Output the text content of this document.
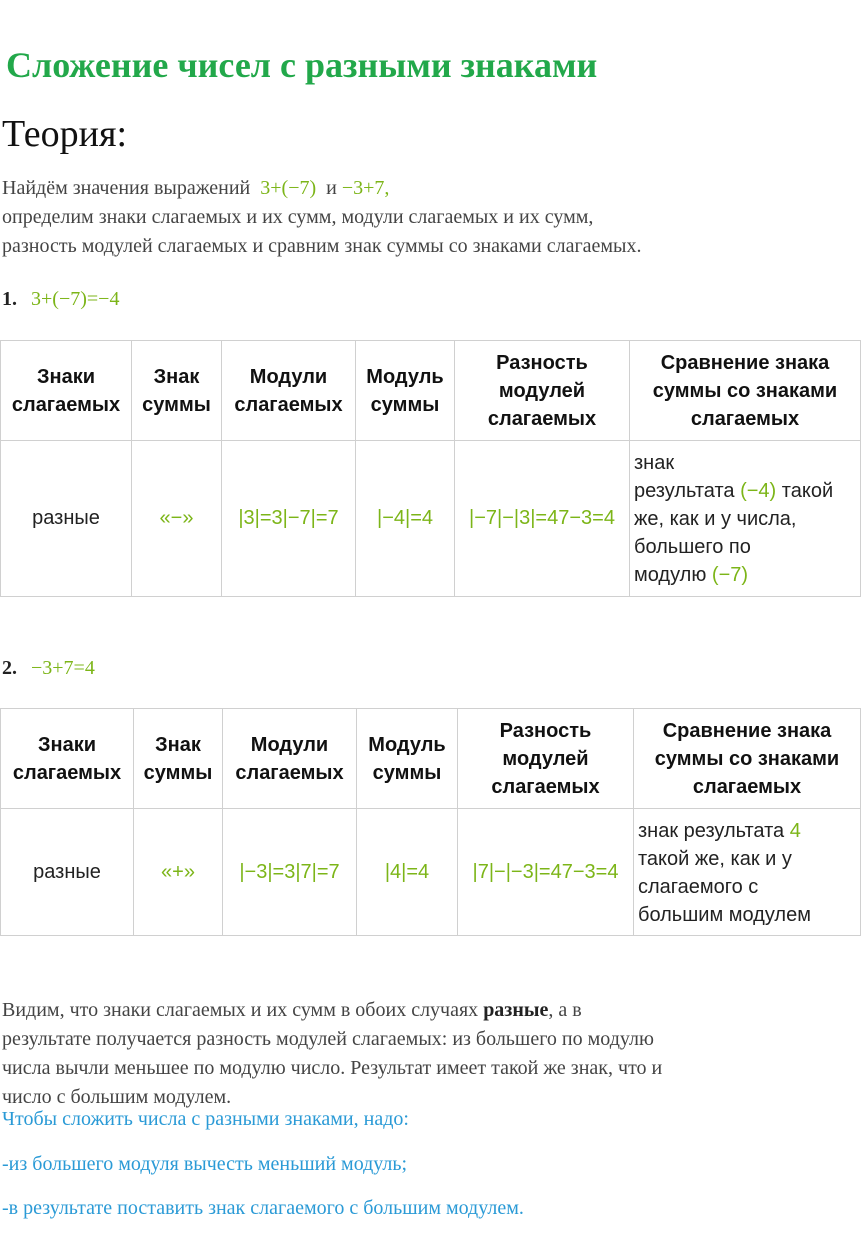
Сложение чисел с разными знаками
Теория:

Найдём значения выражений 3+(−7) и −3+7,

определим знаки слагаемых и их сумм, модули слагаемых и их сумм,

разность модулей слагаемых и сравним знак суммы со знаками слагаемых.

1. 3+(−7)=−4
Знаки слагаемых	Знак суммы	Модули слагаемых	Модуль суммы	Разность модулей слагаемых	Сравнение знака суммы со знаками слагаемых
разные	«−»	|3|=3|−7|=7	|−4|=4	|−7|−|3|=47−3=4	знак
результата (−4) такой
же, как и у числа,
большего по
модулю (−7)
2. −3+7=4
Знаки слагаемых	Знак суммы	Модули слагаемых	Модуль суммы	Разность модулей слагаемых	Сравнение знака суммы со знаками слагаемых
разные	«+»	|−3|=3|7|=7	|4|=4	|7|−|−3|=47−3=4	знак результата 4
такой же, как и у
слагаемого с
большим модулем

Видим, что знаки слагаемых и их сумм в обоих случаях разные, а в

результате получается разность модулей слагаемых: из большего по модулю

числа вычли меньшее по модулю число. Результат имеет такой же знак, что и

число с большим модулем.

Чтобы сложить числа с разными знаками, надо:
-из большего модуля вычесть меньший модуль;
-в результате поставить знак слагаемого с большим модулем.
